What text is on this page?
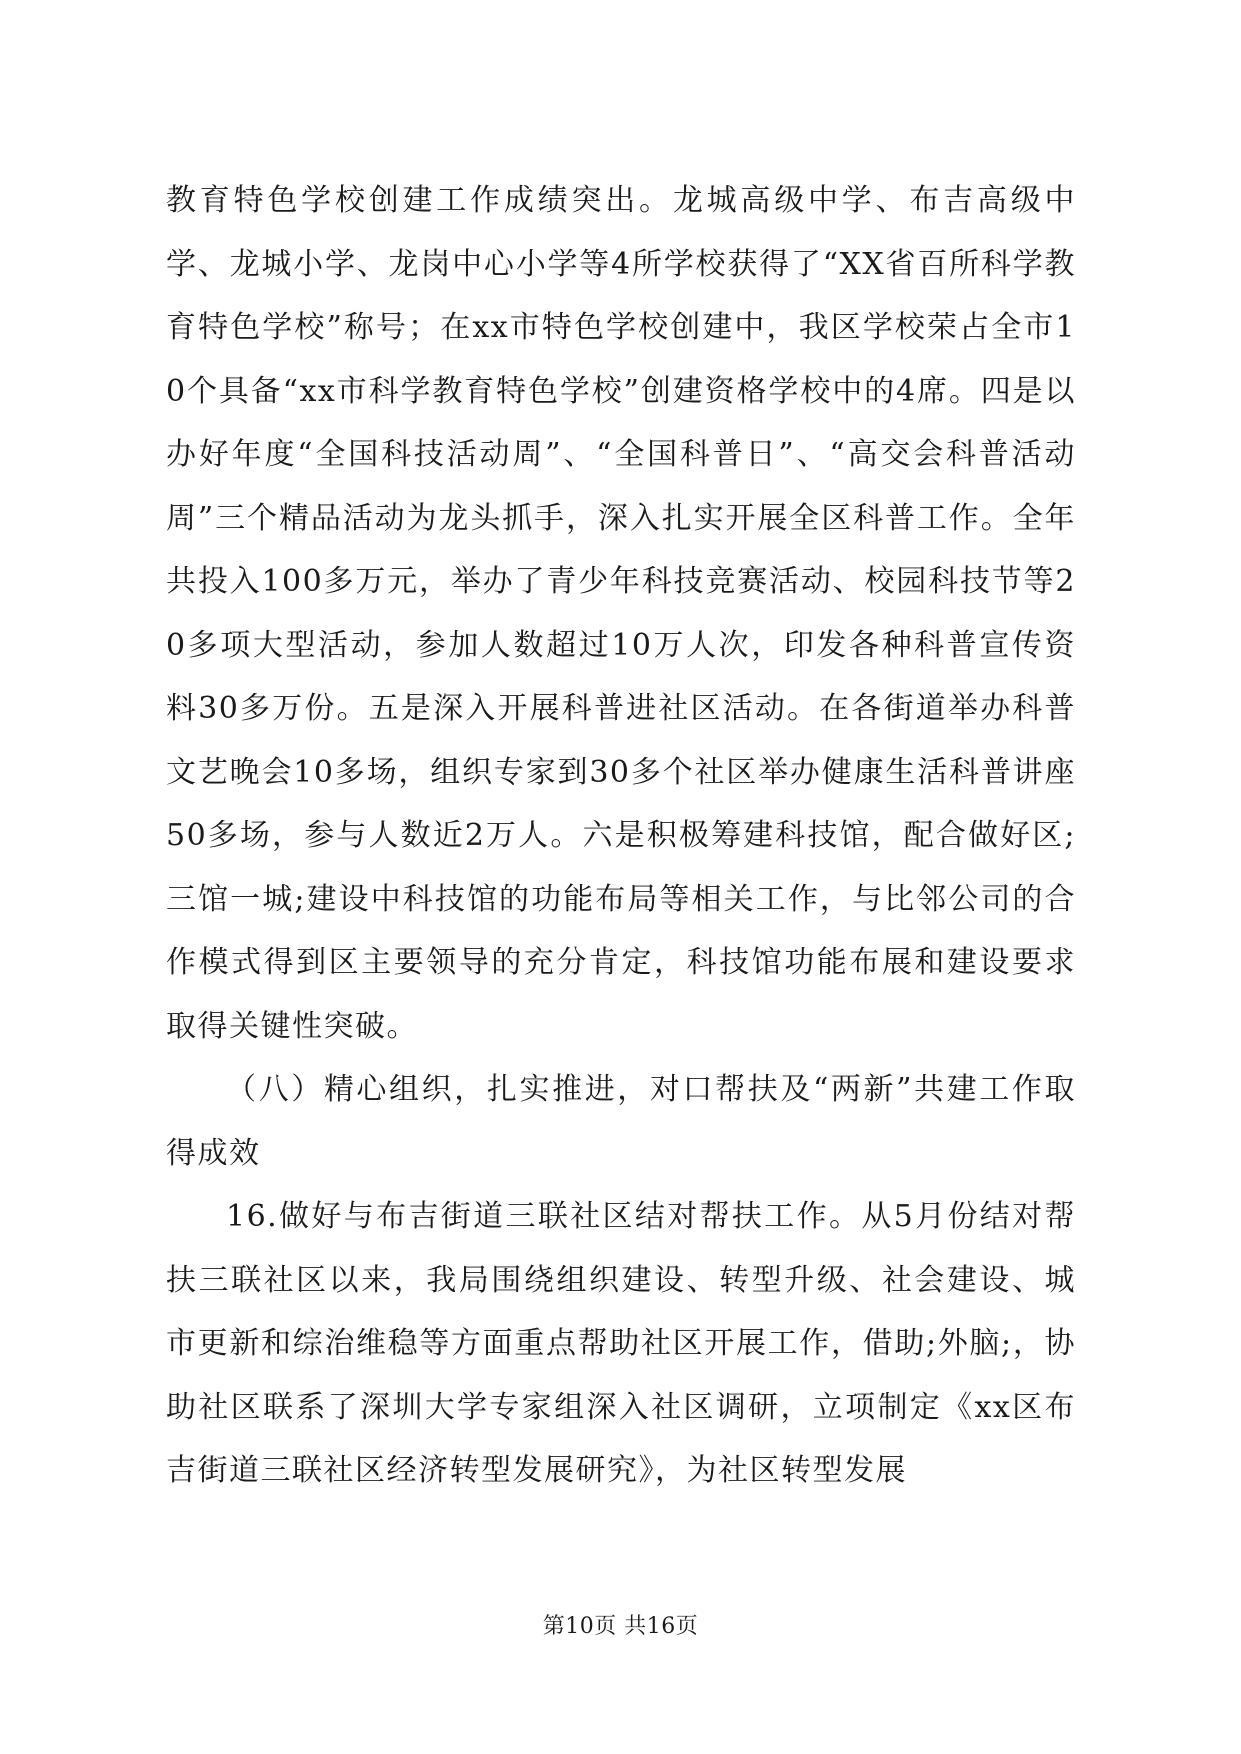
教育特色学校创建工作成绩突出。龙城高级中学、布吉高级中学、龙城小学、龙岗中心小学等4所学校获得了“XX省百所科学教育特色学校”称号；在xx市特色学校创建中，我区学校荣占全市10个具备“xx市科学教育特色学校”创建资格学校中的4席。四是以办好年度“全国科技活动周”、“全国科普日”、“高交会科普活动周”三个精品活动为龙头抓手，深入扎实开展全区科普工作。全年共投入100多万元，举办了青少年科技竞赛活动、校园科技节等20多项大型活动，参加人数超过10万人次，印发各种科普宣传资料30多万份。五是深入开展科普进社区活动。在各街道举办科普文艺晚会10多场，组织专家到30多个社区举办健康生活科普讲座50多场，参与人数近2万人。六是积极筹建科技馆，配合做好区;三馆一城;建设中科技馆的功能布局等相关工作，与比邻公司的合作模式得到区主要领导的充分肯定，科技馆功能布展和建设要求取得关键性突破。

（八）精心组织，扎实推进，对口帮扶及“两新”共建工作取得成效

16.做好与布吉街道三联社区结对帮扶工作。从5月份结对帮扶三联社区以来，我局围绕组织建设、转型升级、社会建设、城市更新和综治维稳等方面重点帮助社区开展工作，借助;外脑;，协助社区联系了深圳大学专家组深入社区调研，立项制定《xx区布吉街道三联社区经济转型发展研究》，为社区转型发展

第10页 共16页
